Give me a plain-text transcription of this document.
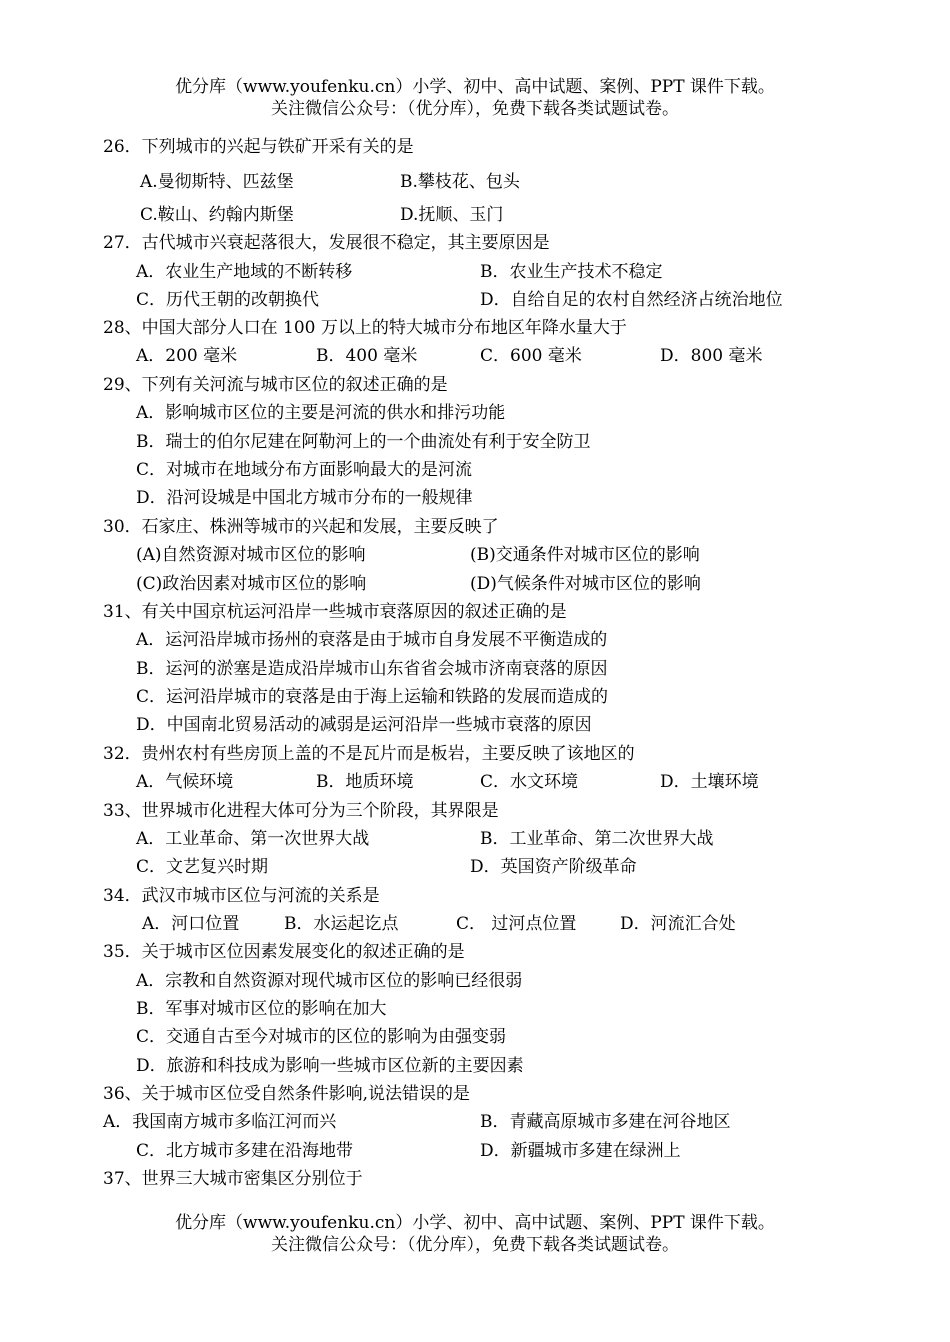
优分库（www.youfenku.cn）小学、初中、高中试题、案例、PPT 课件下载。
关注微信公众号：（优分库），免费下载各类试题试卷。
26．下列城市的兴起与铁矿开采有关的是
A.曼彻斯特、匹兹堡	B.攀枝花、包头
C.鞍山、约翰内斯堡	D.抚顺、玉门
27．古代城市兴衰起落很大，发展很不稳定，其主要原因是
A．农业生产地域的不断转移	B．农业生产技术不稳定
C．历代王朝的改朝换代	D．自给自足的农村自然经济占统治地位
28、中国大部分人口在 100 万以上的特大城市分布地区年降水量大于
A．200 毫米	B．400 毫米	C．600 毫米	D．800 毫米
29、下列有关河流与城市区位的叙述正确的是
A．影响城市区位的主要是河流的供水和排污功能
B．瑞士的伯尔尼建在阿勒河上的一个曲流处有利于安全防卫
C．对城市在地域分布方面影响最大的是河流
D．沿河设城是中国北方城市分布的一般规律
30．石家庄、株洲等城市的兴起和发展，主要反映了
(A)自然资源对城市区位的影响	(B)交通条件对城市区位的影响
(C)政治因素对城市区位的影响	(D)气候条件对城市区位的影响
31、有关中国京杭运河沿岸一些城市衰落原因的叙述正确的是
A．运河沿岸城市扬州的衰落是由于城市自身发展不平衡造成的
B．运河的淤塞是造成沿岸城市山东省省会城市济南衰落的原因
C．运河沿岸城市的衰落是由于海上运输和铁路的发展而造成的
D．中国南北贸易活动的减弱是运河沿岸一些城市衰落的原因
32．贵州农村有些房顶上盖的不是瓦片而是板岩，主要反映了该地区的
A．气候环境	B．地质环境	C．水文环境	D．土壤环境
33、世界城市化进程大体可分为三个阶段，其界限是
A．工业革命、第一次世界大战	B．工业革命、第二次世界大战
C．文艺复兴时期	D．英国资产阶级革命
34．武汉市城市区位与河流的关系是
A．河口位置	B．水运起讫点	C． 过河点位置	D．河流汇合处
35．关于城市区位因素发展变化的叙述正确的是
A．宗教和自然资源对现代城市区位的影响已经很弱
B．军事对城市区位的影响在加大
C．交通自古至今对城市的区位的影响为由强变弱
D．旅游和科技成为影响一些城市区位新的主要因素
36、关于城市区位受自然条件影响,说法错误的是
A．我国南方城市多临江河而兴	B．青藏高原城市多建在河谷地区
C．北方城市多建在沿海地带	D．新疆城市多建在绿洲上
37、世界三大城市密集区分别位于
优分库（www.youfenku.cn）小学、初中、高中试题、案例、PPT 课件下载。
关注微信公众号：（优分库），免费下载各类试题试卷。
